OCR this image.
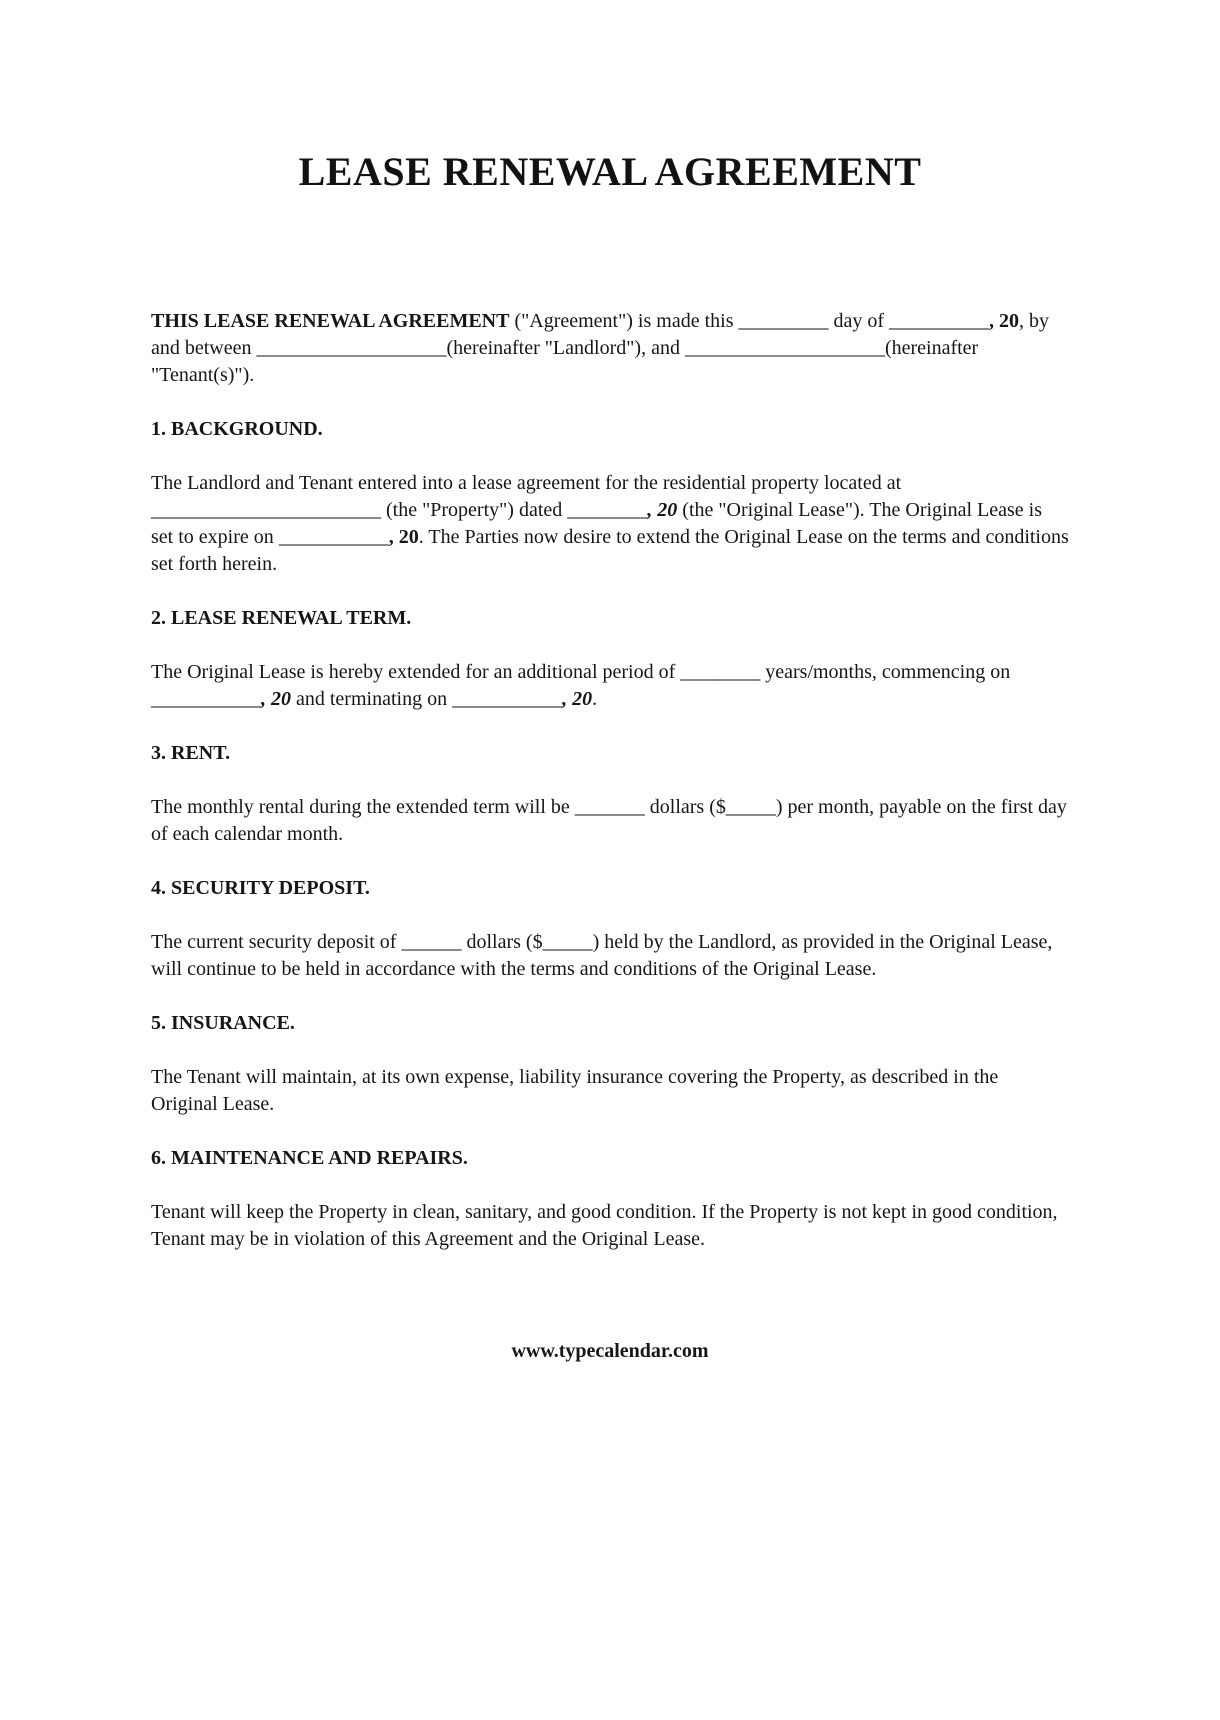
LEASE RENEWAL AGREEMENT

THIS LEASE RENEWAL AGREEMENT ("Agreement") is made this _________ day of __________, 20, by and between ___________________(hereinafter "Landlord"), and ____________________(hereinafter "Tenant(s)").

1. BACKGROUND.

The Landlord and Tenant entered into a lease agreement for the residential property located at _______________________ (the "Property") dated ________, 20 (the "Original Lease"). The Original Lease is set to expire on ___________, 20. The Parties now desire to extend the Original Lease on the terms and conditions set forth herein.

2. LEASE RENEWAL TERM.

The Original Lease is hereby extended for an additional period of ________ years/months, commencing on ___________, 20 and terminating on ___________, 20.

3. RENT.

The monthly rental during the extended term will be _______ dollars ($_____) per month, payable on the first day of each calendar month.

4. SECURITY DEPOSIT.

The current security deposit of ______ dollars ($_____) held by the Landlord, as provided in the Original Lease, will continue to be held in accordance with the terms and conditions of the Original Lease.

5. INSURANCE.

The Tenant will maintain, at its own expense, liability insurance covering the Property, as described in the Original Lease.

6. MAINTENANCE AND REPAIRS.

Tenant will keep the Property in clean, sanitary, and good condition. If the Property is not kept in good condition, Tenant may be in violation of this Agreement and the Original Lease.

www.typecalendar.com
